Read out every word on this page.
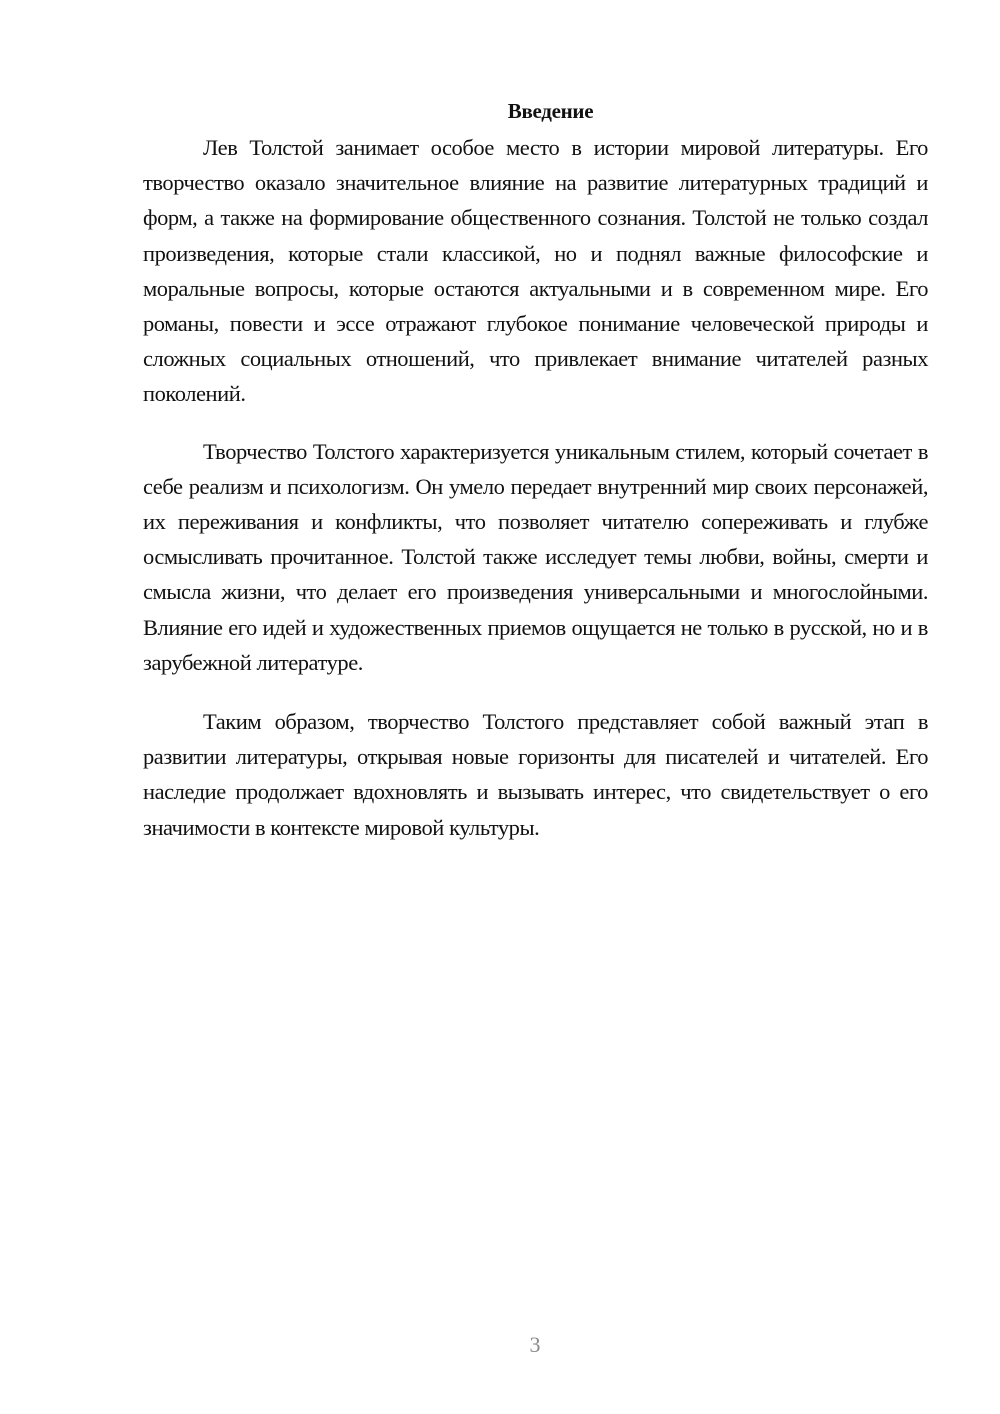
Введение

Лев Толстой занимает особое место в истории мировой литературы. Его творчество оказало значительное влияние на развитие литературных традиций и форм, а также на формирование общественного сознания. Толстой не только создал произведения, которые стали классикой, но и поднял важные философские и моральные вопросы, которые остаются актуальными и в современном мире. Его романы, повести и эссе отражают глубокое понимание человеческой природы и сложных социальных отношений, что привлекает внимание читателей разных поколений.

Творчество Толстого характеризуется уникальным стилем, который сочетает в себе реализм и психологизм. Он умело передает внутренний мир своих персонажей, их переживания и конфликты, что позволяет читателю сопереживать и глубже осмысливать прочитанное. Толстой также исследует темы любви, войны, смерти и смысла жизни, что делает его произведения универсальными и многослойными. Влияние его идей и художественных приемов ощущается не только в русской, но и в зарубежной литературе.

Таким образом, творчество Толстого представляет собой важный этап в развитии литературы, открывая новые горизонты для писателей и читателей. Его наследие продолжает вдохновлять и вызывать интерес, что свидетельствует о его значимости в контексте мировой культуры.

3
